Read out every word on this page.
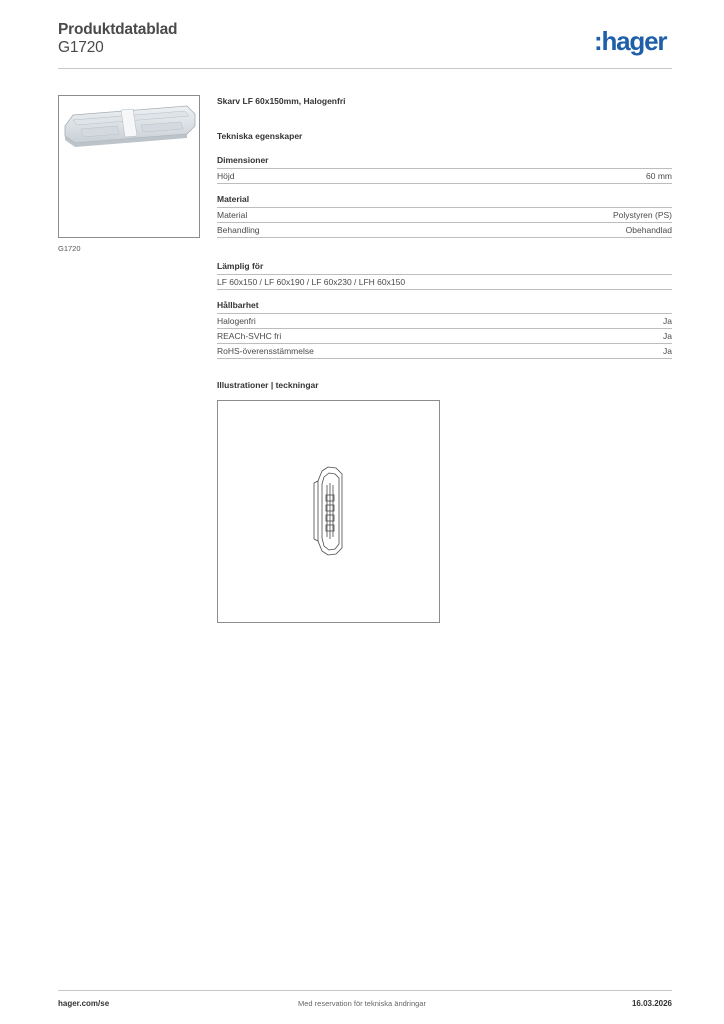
Produktdatablad
G1720	:hager
G1720
Skarv LF 60x150mm, Halogenfri
Tekniska egenskaper
Dimensioner
Höjd	60 mm
Material
Material	Polystyren (PS)
Behandling	Obehandlad
Lämplig för
LF 60x150 / LF 60x190 / LF 60x230 / LFH 60x150
Hållbarhet
Halogenfri	Ja
REACh-SVHC fri	Ja
RoHS-överensstämmelse	Ja
Illustrationer | teckningar
hager.com/se	Med reservation för tekniska ändringar	16.03.2026
